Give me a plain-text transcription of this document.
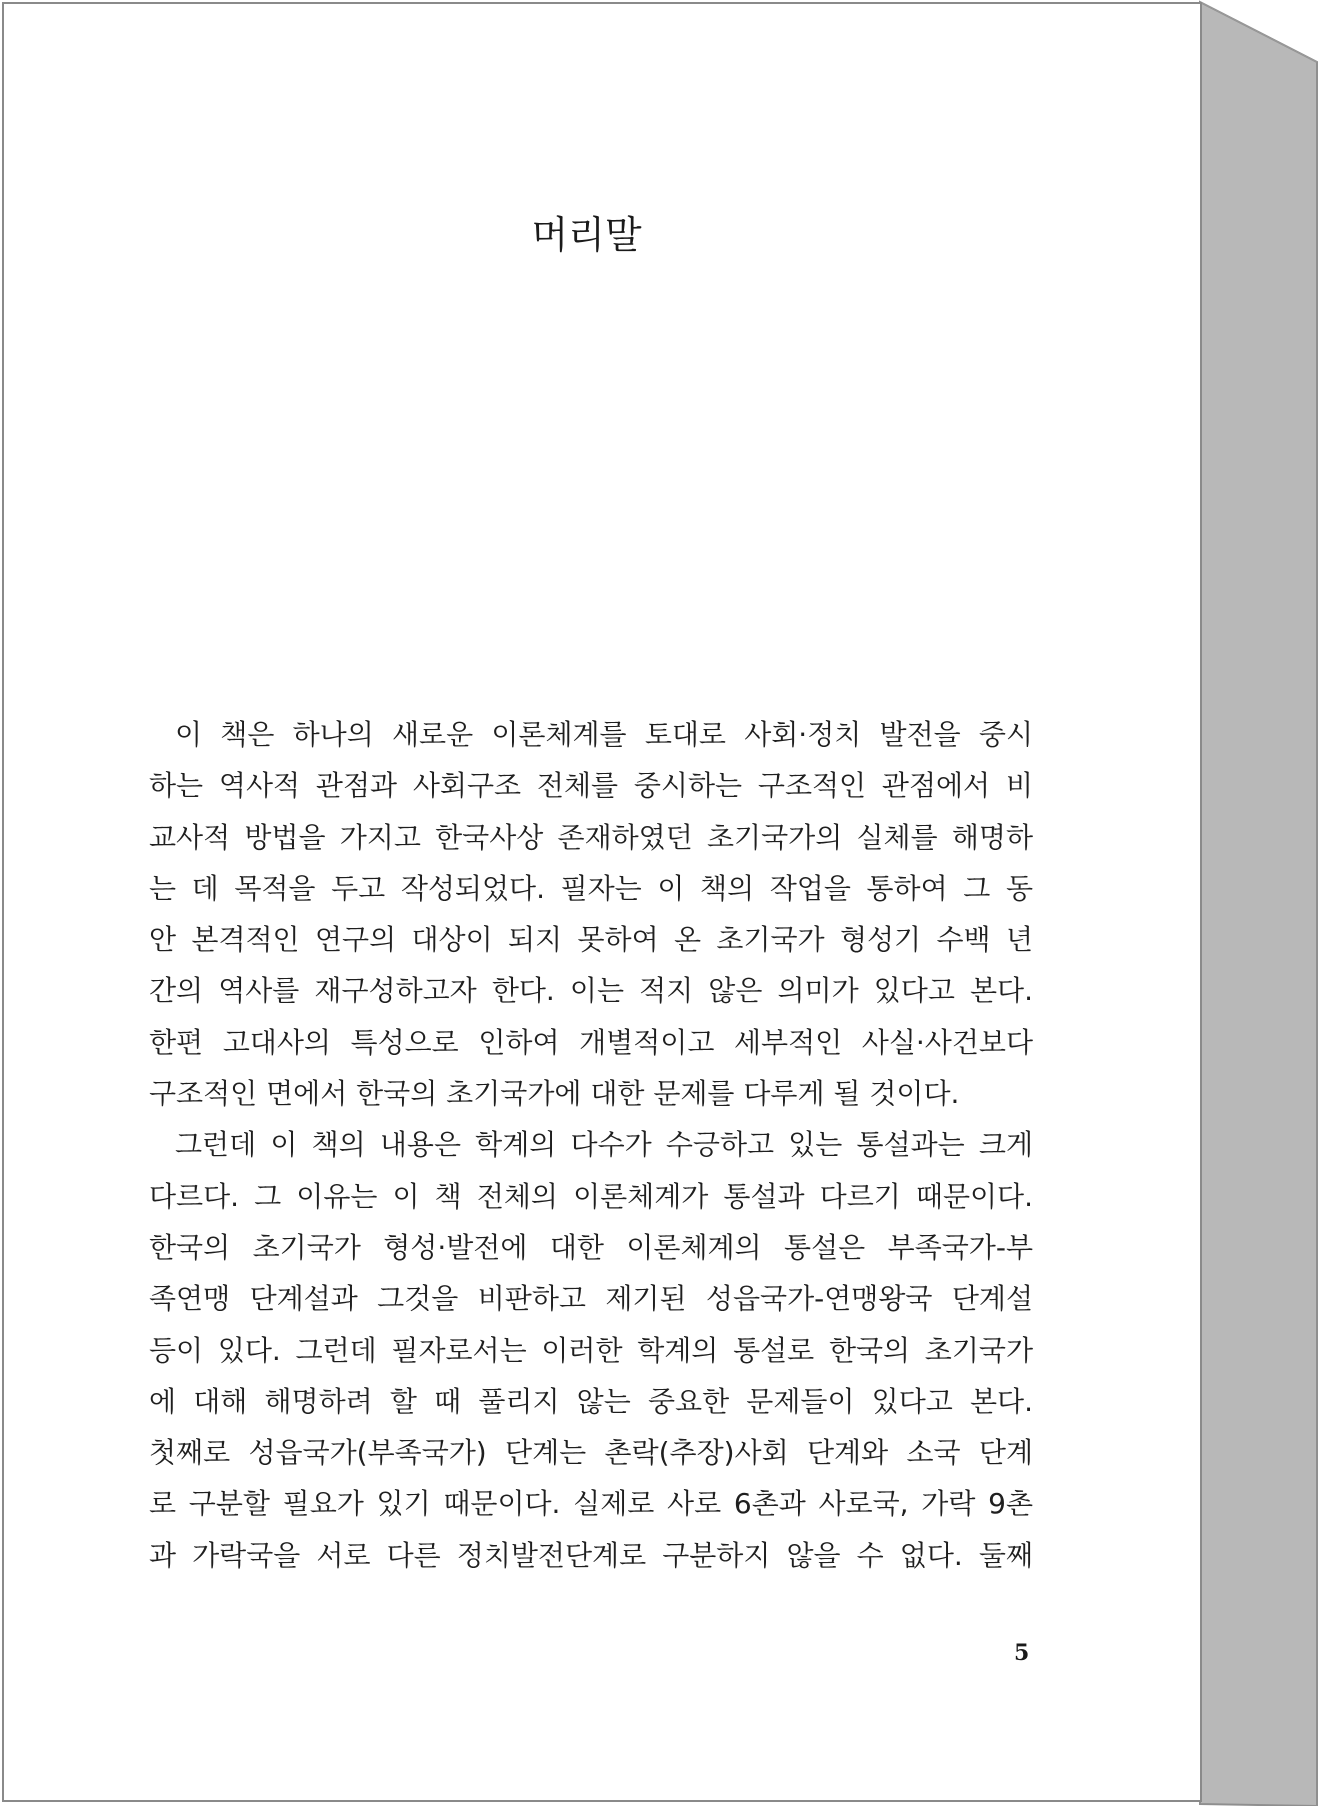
머리말

이 책은 하나의 새로운 이론체계를 토대로 사회·정치 발전을 중시

하는 역사적 관점과 사회구조 전체를 중시하는 구조적인 관점에서 비

교사적 방법을 가지고 한국사상 존재하였던 초기국가의 실체를 해명하

는 데 목적을 두고 작성되었다. 필자는 이 책의 작업을 통하여 그 동

안 본격적인 연구의 대상이 되지 못하여 온 초기국가 형성기 수백 년

간의 역사를 재구성하고자 한다. 이는 적지 않은 의미가 있다고 본다.

한편 고대사의 특성으로 인하여 개별적이고 세부적인 사실·사건보다

구조적인 면에서 한국의 초기국가에 대한 문제를 다루게 될 것이다.

그런데 이 책의 내용은 학계의 다수가 수긍하고 있는 통설과는 크게

다르다. 그 이유는 이 책 전체의 이론체계가 통설과 다르기 때문이다.

한국의 초기국가 형성·발전에 대한 이론체계의 통설은 부족국가-부

족연맹 단계설과 그것을 비판하고 제기된 성읍국가-연맹왕국 단계설

등이 있다. 그런데 필자로서는 이러한 학계의 통설로 한국의 초기국가

에 대해 해명하려 할 때 풀리지 않는 중요한 문제들이 있다고 본다.

첫째로 성읍국가(부족국가) 단계는 촌락(추장)사회 단계와 소국 단계

로 구분할 필요가 있기 때문이다. 실제로 사로 6촌과 사로국, 가락 9촌

과 가락국을 서로 다른 정치발전단계로 구분하지 않을 수 없다. 둘째

5
